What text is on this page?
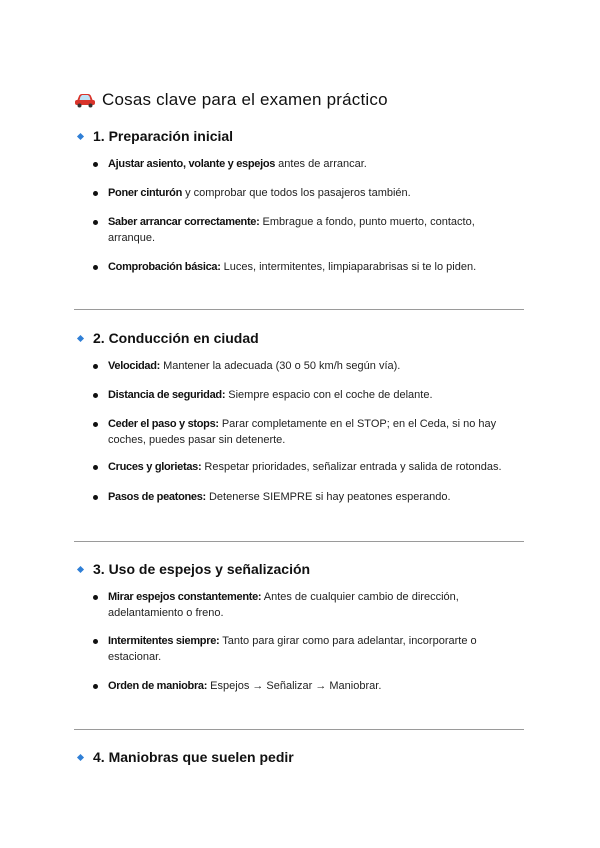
Cosas clave para el examen práctico
1. Preparación inicial
Ajustar asiento, volante y espejos antes de arrancar.
Poner cinturón y comprobar que todos los pasajeros también.
Saber arrancar correctamente: Embrague a fondo, punto muerto, contacto, arranque.
Comprobación básica: Luces, intermitentes, limpiaparabrisas si te lo piden.
2. Conducción en ciudad
Velocidad: Mantener la adecuada (30 o 50 km/h según vía).
Distancia de seguridad: Siempre espacio con el coche de delante.
Ceder el paso y stops: Parar completamente en el STOP; en el Ceda, si no hay coches, puedes pasar sin detenerte.
Cruces y glorietas: Respetar prioridades, señalizar entrada y salida de rotondas.
Pasos de peatones: Detenerse SIEMPRE si hay peatones esperando.
3. Uso de espejos y señalización
Mirar espejos constantemente: Antes de cualquier cambio de dirección, adelantamiento o freno.
Intermitentes siempre: Tanto para girar como para adelantar, incorporarte o estacionar.
Orden de maniobra: Espejos → Señalizar → Maniobrar.
4. Maniobras que suelen pedir
